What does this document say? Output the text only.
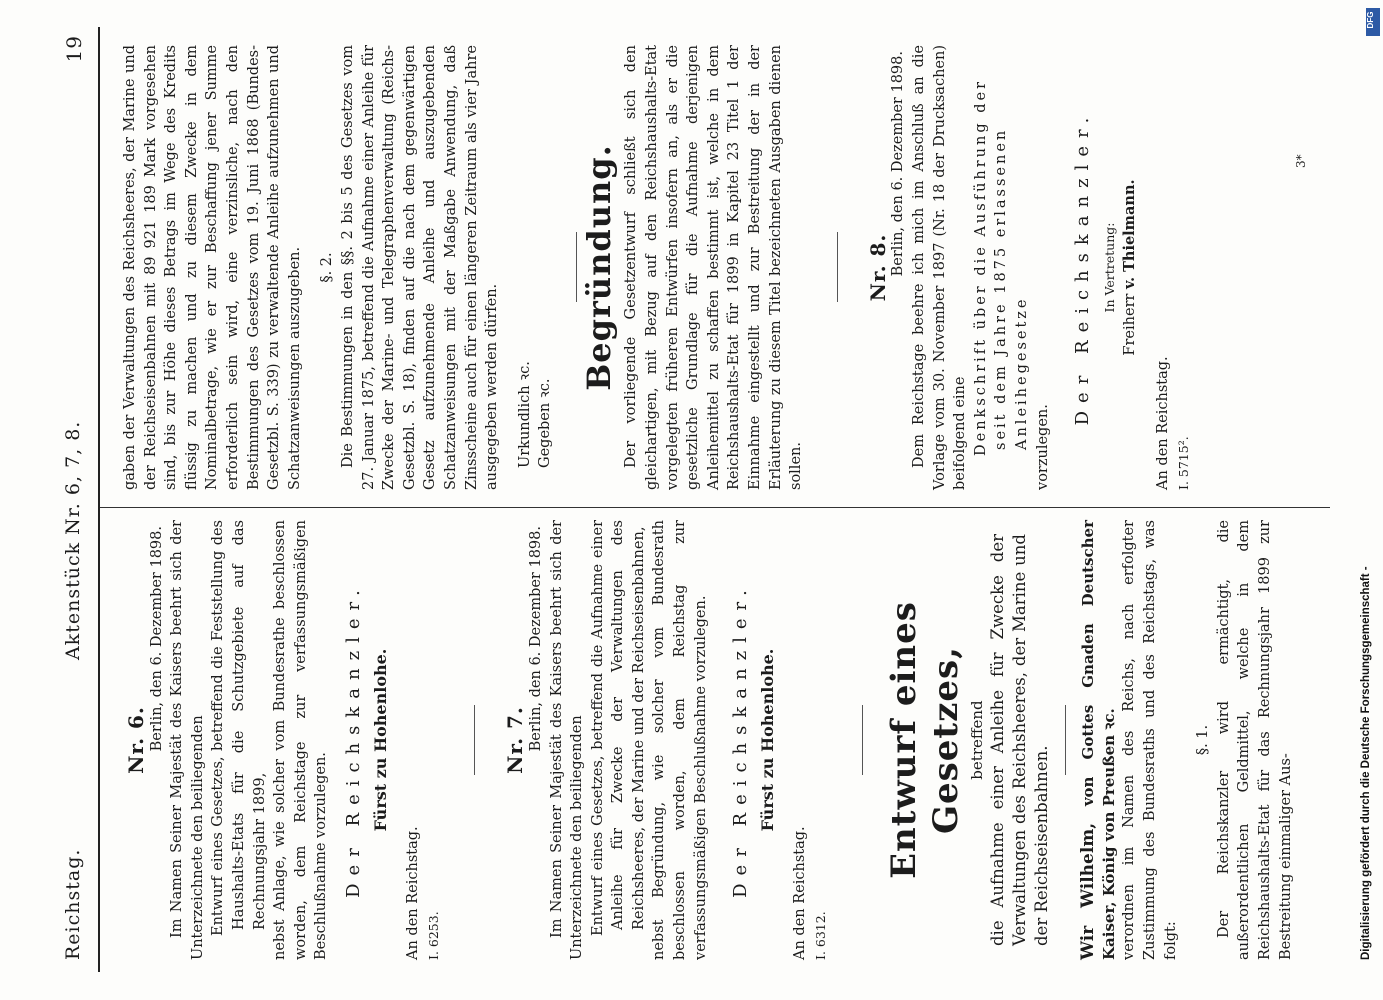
Reichstag.
Aktenstück Nr. 6, 7, 8.
19

Nr. 6. Berlin, den 6. Dezember 1898. Im Namen Seiner Majestät des Kaisers beehrt sich der Unterzeichnete den beiliegenden Entwurf eines Gesetzes, betreffend die Feststellung des Haushalts-Etats für die Schutzgebiete auf das Rechnungsjahr 1899, nebst Anlage, wie solcher vom Bundesrathe beschlossen worden, dem Reichstage zur verfassungsmäßigen Beschlußnahme vorzulegen. Der Reichskanzler. Fürst zu Hohenlohe.

An den Reichstag. I. 6253.

Nr. 7. Berlin, den 6. Dezember 1898. Im Namen Seiner Majestät des Kaisers beehrt sich der Unterzeichnete den beiliegenden Entwurf eines Gesetzes, betreffend die Aufnahme einer Anleihe für Zwecke der Verwaltungen des Reichsheeres, der Marine und der Reichseisenbahnen, nebst Begründung, wie solcher vom Bundesrath beschlossen worden, dem Reichstag zur verfassungsmäßigen Beschlußnahme vorzulegen. Der Reichskanzler. Fürst zu Hohenlohe.

An den Reichstag. I. 6312.

Entwurf eines Gesetzes, betreffend die Aufnahme einer Anleihe für Zwecke der Verwaltungen des Reichsheeres, der Marine und der Reichseisenbahnen. Wir Wilhelm, von Gottes Gnaden Deutscher Kaiser, König von Preußen ꝛc. verordnen im Namen des Reichs, nach erfolgter Zustimmung des Bundesraths und des Reichstags, was folgt:

§. 1. Der Reichskanzler wird ermächtigt, die außerordentlichen Geldmittel, welche in dem Reichshaushalts-Etat für das Rechnungsjahr 1899 zur Bestreitung einmaliger Aus-

gaben der Verwaltungen des Reichsheeres, der Marine und der Reichseisenbahnen mit 89 921 189 Mark vorgesehen sind, bis zur Höhe dieses Betrags im Wege des Kredits flüssig zu machen und zu diesem Zwecke in dem Nominalbetrage, wie er zur Beschaffung jener Summe erforderlich sein wird, eine verzinsliche, nach den Bestimmungen des Gesetzes vom 19. Juni 1868 (Bundes-Gesetzbl. S. 339) zu verwaltende Anleihe aufzunehmen und Schatzanweisungen auszugeben. §. 2. Die Bestimmungen in den §§. 2 bis 5 des Gesetzes vom 27. Januar 1875, betreffend die Aufnahme einer Anleihe für Zwecke der Marine- und Telegraphenverwaltung (Reichs-Gesetzbl. S. 18), finden auf die nach dem gegenwärtigen Gesetz aufzunehmende Anleihe und auszugebenden Schatzanweisungen mit der Maßgabe Anwendung, daß Zinsscheine auch für einen längeren Zeitraum als vier Jahre ausgegeben werden dürfen. Urkundlich ꝛc. Gegeben ꝛc.

Begründung. Der vorliegende Gesetzentwurf schließt sich den gleichartigen, mit Bezug auf den Reichshaushalts-Etat vorgelegten früheren Entwürfen insofern an, als er die gesetzliche Grundlage für die Aufnahme derjenigen Anleihemittel zu schaffen bestimmt ist, welche in dem Reichshaushalts-Etat für 1899 in Kapitel 23 Titel 1 der Einnahme eingestellt und zur Bestreitung der in der Erläuterung zu diesem Titel bezeichneten Ausgaben dienen sollen.

Nr. 8. Berlin, den 6. Dezember 1898. Dem Reichstage beehre ich mich im Anschluß an die Vorlage vom 30. November 1897 (Nr. 18 der Drucksachen) beifolgend eine Denkschrift über die Ausführung der seit dem Jahre 1875 erlassenen Anleihegesetze vorzulegen.

Der Reichskanzler. In Vertretung:

Freiherr v. Thielmann.

An den Reichstag. I. 5715².

3*
Digitalisierung gefördert durch die Deutsche Forschungsgemeinschaft -
DFG
